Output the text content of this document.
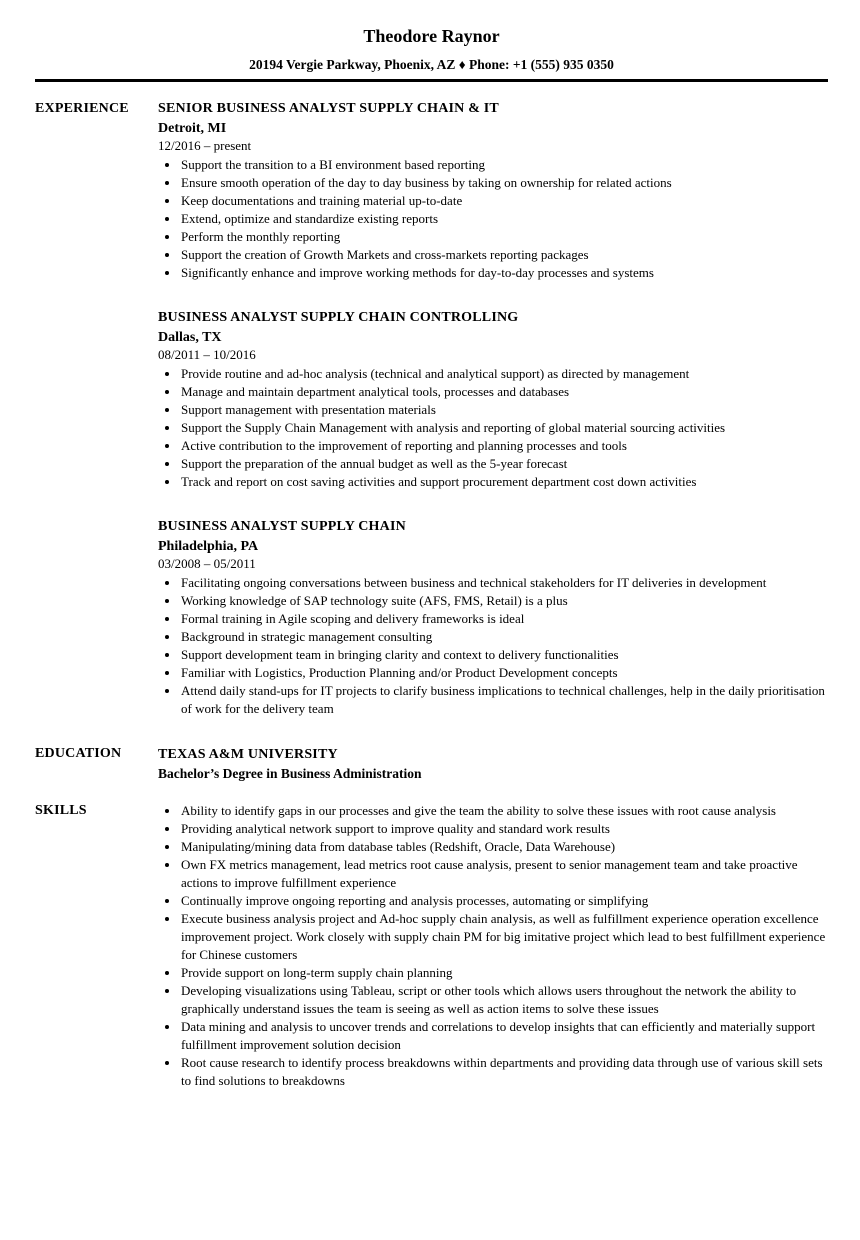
Theodore Raynor
20194 Vergie Parkway, Phoenix, AZ ♦ Phone: +1 (555) 935 0350
EXPERIENCE	SENIOR BUSINESS ANALYST SUPPLY CHAIN & IT
Detroit, MI
12/2016 – present
• Support the transition to a BI environment based reporting
• Ensure smooth operation of the day to day business by taking on ownership for related actions
• Keep documentations and training material up-to-date
• Extend, optimize and standardize existing reports
• Perform the monthly reporting
• Support the creation of Growth Markets and cross-markets reporting packages
• Significantly enhance and improve working methods for day-to-day processes and systems
BUSINESS ANALYST SUPPLY CHAIN CONTROLLING
Dallas, TX
08/2011 – 10/2016
• Provide routine and ad-hoc analysis (technical and analytical support) as directed by management
• Manage and maintain department analytical tools, processes and databases
• Support management with presentation materials
• Support the Supply Chain Management with analysis and reporting of global material sourcing activities
• Active contribution to the improvement of reporting and planning processes and tools
• Support the preparation of the annual budget as well as the 5-year forecast
• Track and report on cost saving activities and support procurement department cost down activities
BUSINESS ANALYST SUPPLY CHAIN
Philadelphia, PA
03/2008 – 05/2011
• Facilitating ongoing conversations between business and technical stakeholders for IT deliveries in development
• Working knowledge of SAP technology suite (AFS, FMS, Retail) is a plus
• Formal training in Agile scoping and delivery frameworks is ideal
• Background in strategic management consulting
• Support development team in bringing clarity and context to delivery functionalities
• Familiar with Logistics, Production Planning and/or Product Development concepts
• Attend daily stand-ups for IT projects to clarify business implications to technical challenges, help in the daily prioritisation of work for the delivery team
EDUCATION	TEXAS A&M UNIVERSITY
Bachelor’s Degree in Business Administration
SKILLS	• Ability to identify gaps in our processes and give the team the ability to solve these issues with root cause analysis
• Providing analytical network support to improve quality and standard work results
• Manipulating/mining data from database tables (Redshift, Oracle, Data Warehouse)
• Own FX metrics management, lead metrics root cause analysis, present to senior management team and take proactive actions to improve fulfillment experience
• Continually improve ongoing reporting and analysis processes, automating or simplifying
• Execute business analysis project and Ad-hoc supply chain analysis, as well as fulfillment experience operation excellence improvement project. Work closely with supply chain PM for big imitative project which lead to best fulfillment experience for Chinese customers
• Provide support on long-term supply chain planning
• Developing visualizations using Tableau, script or other tools which allows users throughout the network the ability to graphically understand issues the team is seeing as well as action items to solve these issues
• Data mining and analysis to uncover trends and correlations to develop insights that can efficiently and materially support fulfillment improvement solution decision
• Root cause research to identify process breakdowns within departments and providing data through use of various skill sets to find solutions to breakdowns
